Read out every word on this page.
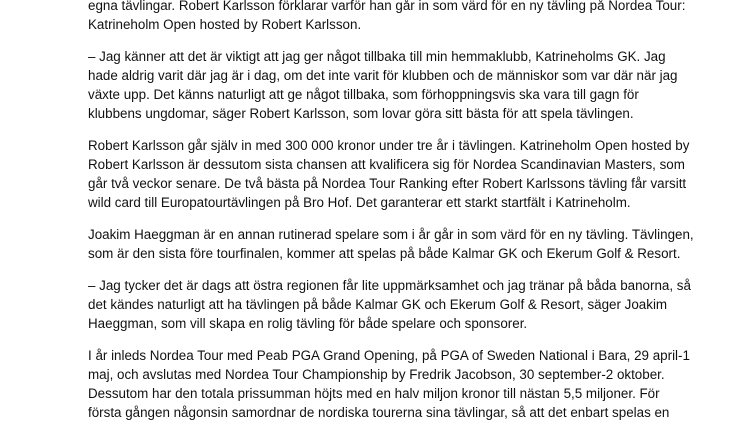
egna tävlingar. Robert Karlsson förklarar varför han går in som värd för en ny tävling på Nordea Tour:
Katrineholm Open hosted by Robert Karlsson.

– Jag känner att det är viktigt att jag ger något tillbaka till min hemmaklubb, Katrineholms GK. Jag
hade aldrig varit där jag är i dag, om det inte varit för klubben och de människor som var där när jag
växte upp. Det känns naturligt att ge något tillbaka, som förhoppningsvis ska vara till gagn för
klubbens ungdomar, säger Robert Karlsson, som lovar göra sitt bästa för att spela tävlingen.

Robert Karlsson går själv in med 300 000 kronor under tre år i tävlingen. Katrineholm Open hosted by
Robert Karlsson är dessutom sista chansen att kvalificera sig för Nordea Scandinavian Masters, som
går två veckor senare. De två bästa på Nordea Tour Ranking efter Robert Karlssons tävling får varsitt
wild card till Europatourtävlingen på Bro Hof. Det garanterar ett starkt startfält i Katrineholm.

Joakim Haeggman är en annan rutinerad spelare som i år går in som värd för en ny tävling. Tävlingen,
som är den sista före tourfinalen, kommer att spelas på både Kalmar GK och Ekerum Golf & Resort.

– Jag tycker det är dags att östra regionen får lite uppmärksamhet och jag tränar på båda banorna, så
det kändes naturligt att ha tävlingen på både Kalmar GK och Ekerum Golf & Resort, säger Joakim
Haeggman, som vill skapa en rolig tävling för både spelare och sponsorer.

I år inleds Nordea Tour med Peab PGA Grand Opening, på PGA of Sweden National i Bara, 29 april-1
maj, och avslutas med Nordea Tour Championship by Fredrik Jacobson, 30 september-2 oktober.
Dessutom har den totala prissumman höjts med en halv miljon kronor till nästan 5,5 miljoner. För
första gången någonsin samordnar de nordiska tourerna sina tävlingar, så att det enbart spelas en
